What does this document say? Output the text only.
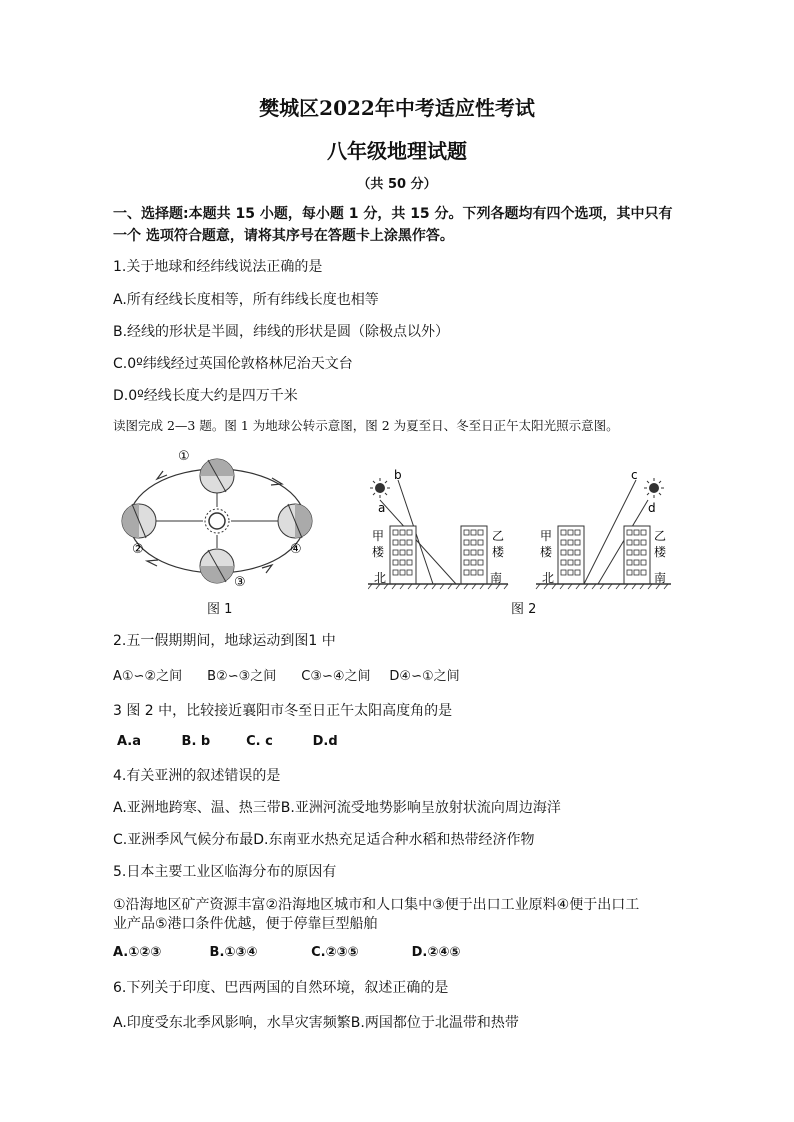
樊城区2022年中考适应性考试
八年级地理试题
（共 50 分）
一、选择题:本题共 15 小题，每小题 1 分，共 15 分。下列各题均有四个选项，其中只有
一个 选项符合题意，请将其序号在答题卡上涂黑作答。
1.关于地球和经纬线说法正确的是
A.所有经线长度相等，所有纬线长度也相等
B.经线的形状是半圆，纬线的形状是圆（除极点以外）
C.0º纬线经过英国伦敦格林尼治天文台
D.0º经线长度大约是四万千米
读图完成 2—3 题。图 1 为地球公转示意图，图 2 为夏至日、冬至日正午太阳光照示意图。
①
②
③
④
图 1
a
b
甲
楼
乙
楼
北	南
c
d
甲
楼
乙
楼
北	南
图 2
2.五一假期期间，地球运动到图1 中
A①∽②之间 B②∽③之间 C③∽④之间 D④∽①之间
3 图 2 中，比较接近襄阳市冬至日正午太阳高度角的是
A.a	B. b	C. c	D.d
4.有关亚洲的叙述错误的是
A.亚洲地跨寒、温、热三带B.亚洲河流受地势影响呈放射状流向周边海洋
C.亚洲季风气候分布最D.东南亚水热充足适合种水稻和热带经济作物
5.日本主要工业区临海分布的原因有
①沿海地区矿产资源丰富②沿海地区城市和人口集中③便于出口工业原料④便于出口工
业产品⑤港口条件优越，便于停靠巨型船舶
A.①②③	B.①③④	C.②③⑤	D.②④⑤
6.下列关于印度、巴西两国的自然环境，叙述正确的是
A.印度受东北季风影响，水旱灾害频繁B.两国都位于北温带和热带
